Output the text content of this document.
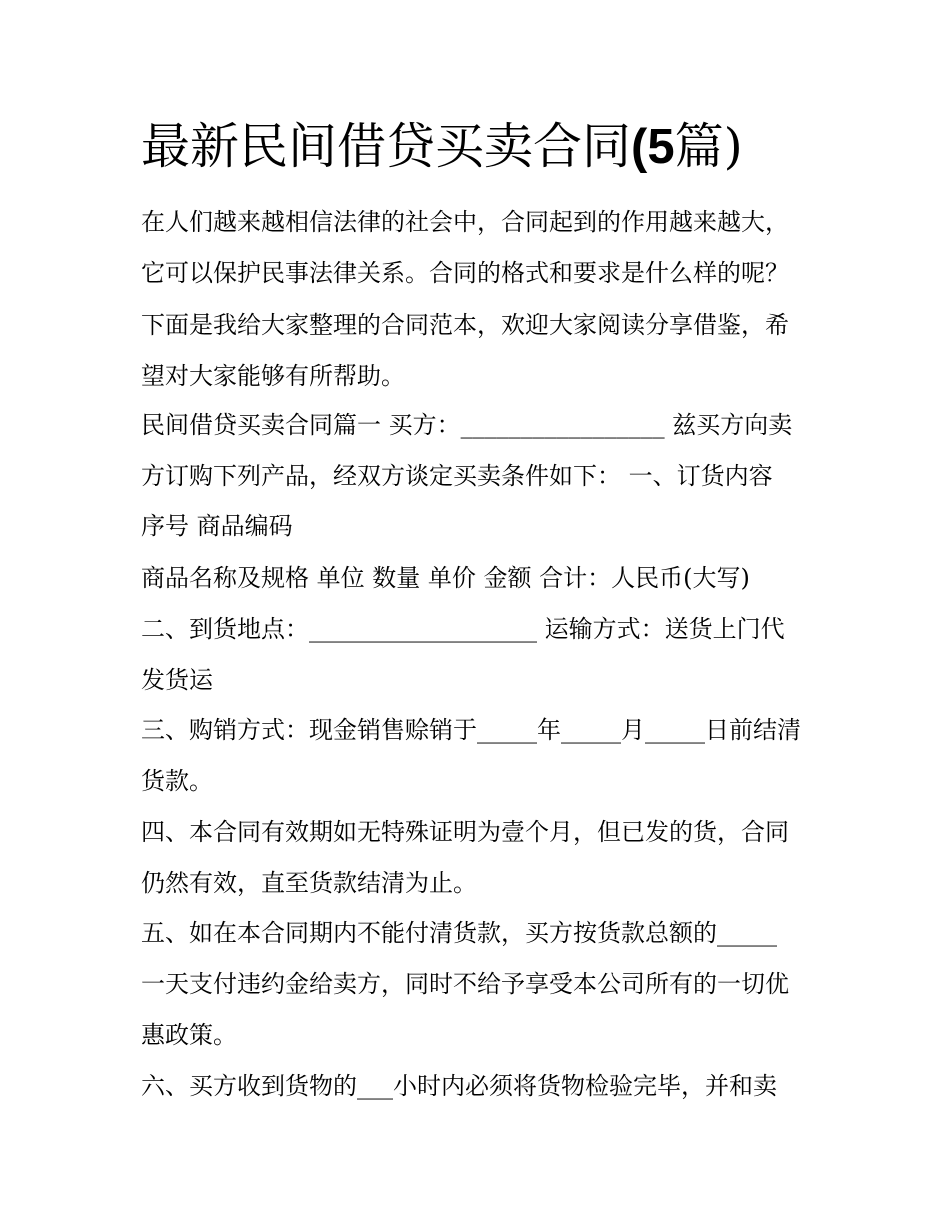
最新民间借贷买卖合同(5篇)

在人们越来越相信法律的社会中，合同起到的作用越来越大，

它可以保护民事法律关系。合同的格式和要求是什么样的呢？

下面是我给大家整理的合同范本，欢迎大家阅读分享借鉴，希

望对大家能够有所帮助。

民间借贷买卖合同篇一 买方：_________________ 兹买方向卖

方订购下列产品，经双方谈定买卖条件如下： 一、订货内容

序号 商品编码

商品名称及规格 单位 数量 单价 金额 合计：人民币(大写)

二、到货地点：___________________ 运输方式：送货上门代

发货运

三、购销方式：现金销售赊销于_____年_____月_____日前结清

货款。

四、本合同有效期如无特殊证明为壹个月，但已发的货，合同

仍然有效，直至货款结清为止。

五、如在本合同期内不能付清货款，买方按货款总额的_____

一天支付违约金给卖方，同时不给予享受本公司所有的一切优

惠政策。

六、买方收到货物的___小时内必须将货物检验完毕，并和卖
